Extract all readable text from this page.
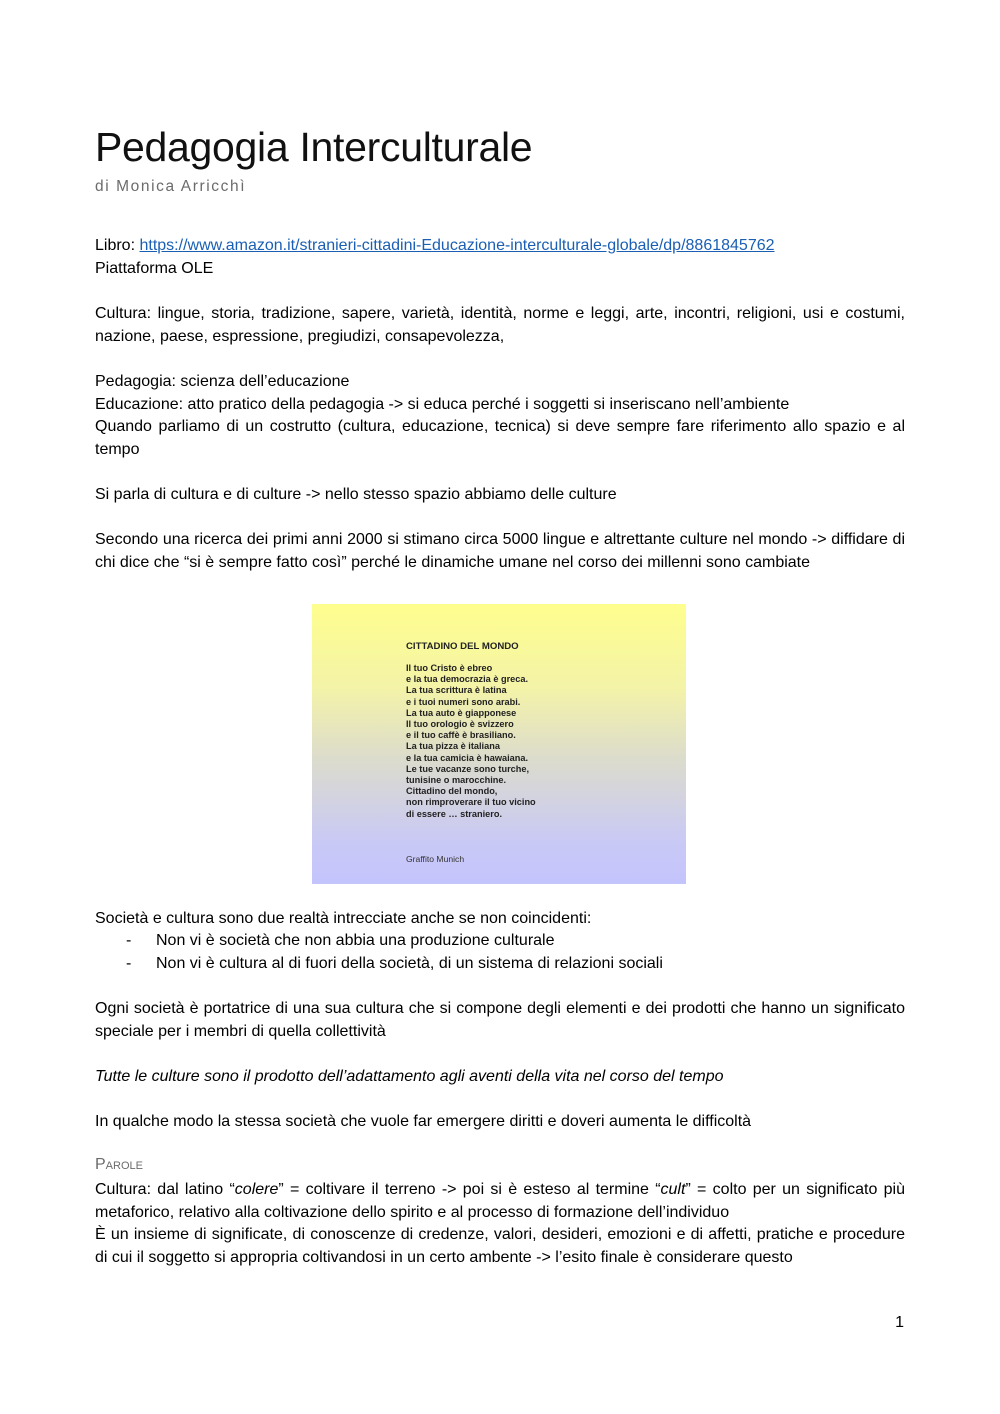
Pedagogia Interculturale
di Monica Arricchì
Libro: https://www.amazon.it/stranieri-cittadini-Educazione-interculturale-globale/dp/8861845762
Piattaforma OLE
Cultura: lingue, storia, tradizione, sapere, varietà, identità, norme e leggi, arte, incontri, religioni, usi e costumi, nazione, paese, espressione, pregiudizi, consapevolezza,
Pedagogia: scienza dell’educazione
Educazione: atto pratico della pedagogia -> si educa perché i soggetti si inseriscano nell’ambiente
Quando parliamo di un costrutto (cultura, educazione, tecnica) si deve sempre fare riferimento allo spazio e al tempo
Si parla di cultura e di culture -> nello stesso spazio abbiamo delle culture
Secondo una ricerca dei primi anni 2000 si stimano circa 5000 lingue e altrettante culture nel mondo -> diffidare di chi dice che “si è sempre fatto così” perché le dinamiche umane nel corso dei millenni sono cambiate
CITTADINO DEL MONDO
Il tuo Cristo è ebreo
e la tua democrazia è greca.
La tua scrittura è latina
e i tuoi numeri sono arabi.
La tua auto è giapponese
Il tuo orologio è svizzero
e il tuo caffè è brasiliano.
La tua pizza è italiana
e la tua camicia è hawaiana.
Le tue vacanze sono turche,
tunisine o marocchine.
Cittadino del mondo,
non rimproverare il tuo vicino
di essere … straniero.
Graffito Munich
Società e cultura sono due realtà intrecciate anche se non coincidenti:
- Non vi è società che non abbia una produzione culturale
- Non vi è cultura al di fuori della società, di un sistema di relazioni sociali
Ogni società è portatrice di una sua cultura che si compone degli elementi e dei prodotti che hanno un significato speciale per i membri di quella collettività
Tutte le culture sono il prodotto dell’adattamento agli aventi della vita nel corso del tempo
In qualche modo la stessa società che vuole far emergere diritti e doveri aumenta le difficoltà
Parole
Cultura: dal latino “colere” = coltivare il terreno -> poi si è esteso al termine “cult” = colto per un significato più metaforico, relativo alla coltivazione dello spirito e al processo di formazione dell’individuo
È un insieme di significate, di conoscenze di credenze, valori, desideri, emozioni e di affetti, pratiche e procedure di cui il soggetto si appropria coltivandosi in un certo ambente -> l’esito finale è considerare questo
1
